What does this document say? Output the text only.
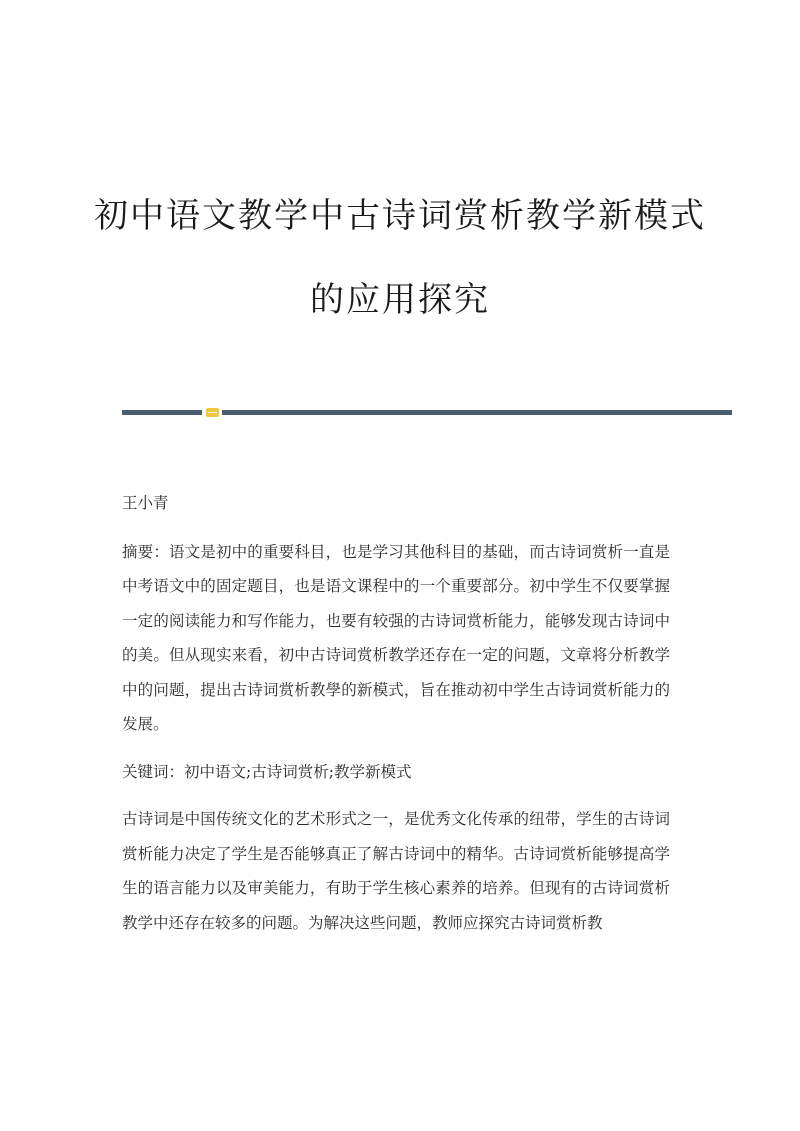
初中语文教学中古诗词赏析教学新模式
的应用探究

王小青

摘要：语文是初中的重要科目，也是学习其他科目的基础，而古诗词赏析一直是中考语文中的固定题目，也是语文课程中的一个重要部分。初中学生不仅要掌握一定的阅读能力和写作能力，也要有较强的古诗词赏析能力，能够发现古诗词中的美。但从现实来看，初中古诗词赏析教学还存在一定的问题，文章将分析教学中的问题，提出古诗词赏析教學的新模式，旨在推动初中学生古诗词赏析能力的发展。

关键词：初中语文;古诗词赏析;教学新模式

古诗词是中国传统文化的艺术形式之一，是优秀文化传承的纽带，学生的古诗词赏析能力决定了学生是否能够真正了解古诗词中的精华。古诗词赏析能够提高学生的语言能力以及审美能力，有助于学生核心素养的培养。但现有的古诗词赏析教学中还存在较多的问题。为解决这些问题，教师应探究古诗词赏析教
